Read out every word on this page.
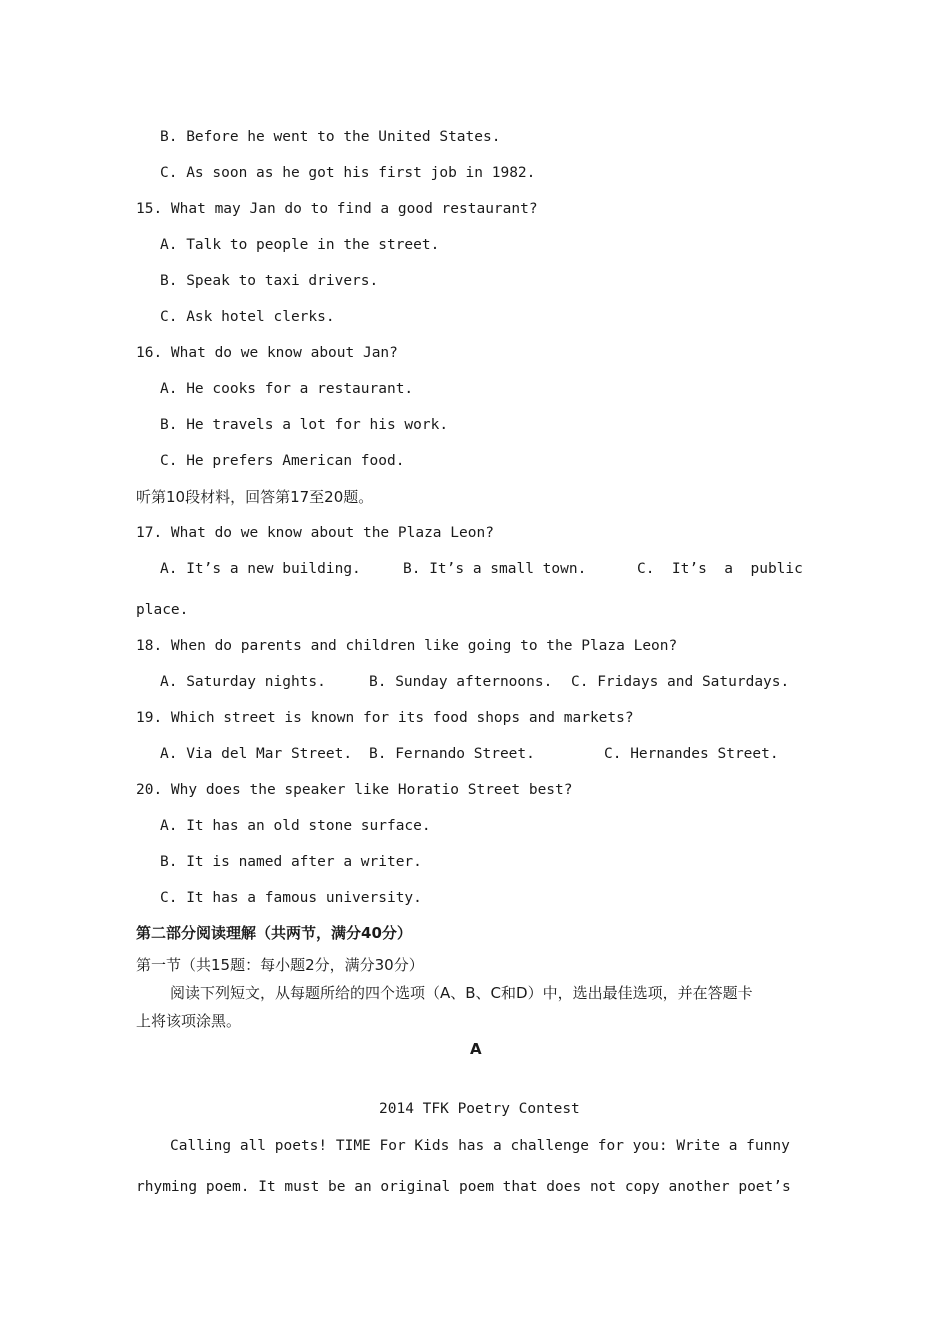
B. Before he went to the United States.
C. As soon as he got his first job in 1982.
15. What may Jan do to find a good restaurant?
A. Talk to people in the street.
B. Speak to taxi drivers.
C. Ask hotel clerks.
16. What do we know about Jan?
A. He cooks for a restaurant.
B. He travels a lot for his work.
C. He prefers American food.
听第10段材料，回答第17至20题。
17. What do we know about the Plaza Leon?
A. It’s a new building.	B. It’s a small town.	C.  It’s  a  public
place.
18. When do parents and children like going to the Plaza Leon?
A. Saturday nights.	B. Sunday afternoons. C. Fridays and Saturdays.
19. Which street is known for its food shops and markets?
A. Via del Mar Street. B. Fernando Street.	C. Hernandes Street.
20. Why does the speaker like Horatio Street best?
A. It has an old stone surface.
B. It is named after a writer.
C. It has a famous university.
第二部分阅读理解（共两节，满分40分）
第一节（共15题：每小题2分，满分30分）
阅读下列短文，从每题所给的四个选项（A、B、C和D）中，选出最佳选项，并在答题卡
上将该项涂黑。
A
2014 TFK Poetry Contest
Calling all poets! TIME For Kids has a challenge for you: Write a funny
rhyming poem. It must be an original poem that does not copy another poet’s
